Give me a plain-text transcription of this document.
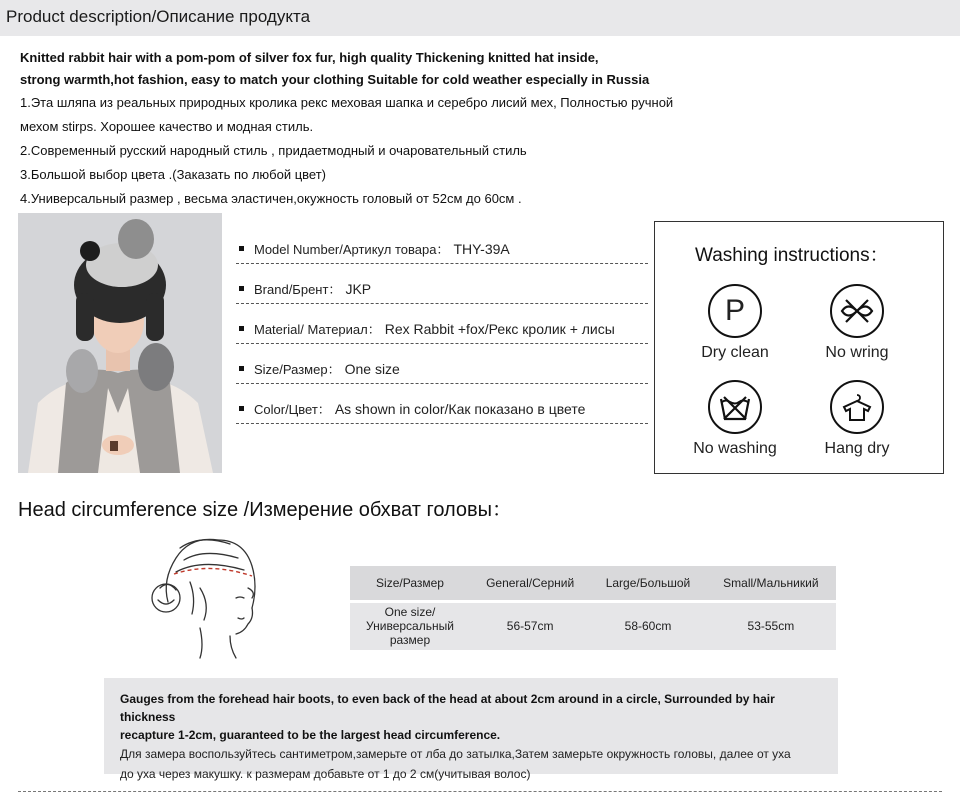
Product description/Описание продукта
Knitted rabbit hair with a pom-pom of silver fox fur, high quality Thickening knitted hat inside,
strong warmth,hot fashion, easy to match your clothing Suitable for cold weather especially in Russia
1.Эта шляпа из реальных природных кролика рекс меховая шапка и серебро лисий мех, Полностью ручной
мехом stirps. Хорошее качество и модная стиль.
2.Современный русский народный стиль , придаетмодный и очаровательный стиль
3.Большой выбор цвета .(Заказать по любой цвет)
4.Универсальный размер , весьма эластичен,окужность головый от 52см до 60см .
Model Number/Артикул товара： THY-39A
Brand/Брент： JKP
Material/ Материал： Rex Rabbit +fox/Рекс кролик + лисы
Size/Размер： One size
Color/Цвет： As shown in color/Как показано в цвете
Washing instructions：
P
Dry clean	No wring
No washing	Hang dry
Head circumference size /Измерение обхват головы：
Size/Размер	General/Серний	Large/Большой	Small/Мальникий
One size/
Универсальный
размер	56-57cm	58-60cm	53-55cm
Gauges from the forehead hair boots, to even back of the head at about 2cm around in a circle, Surrounded by hair thickness
recapture 1-2cm, guaranteed to be the largest head circumference.
Для замера воспользуйтесь сантиметром,замерьте от лба до затылка,Затем замерьте окружность головы, далее от уха
до уха через макушку. к размерам добавьте от 1 до 2 см(учитывая волос)
